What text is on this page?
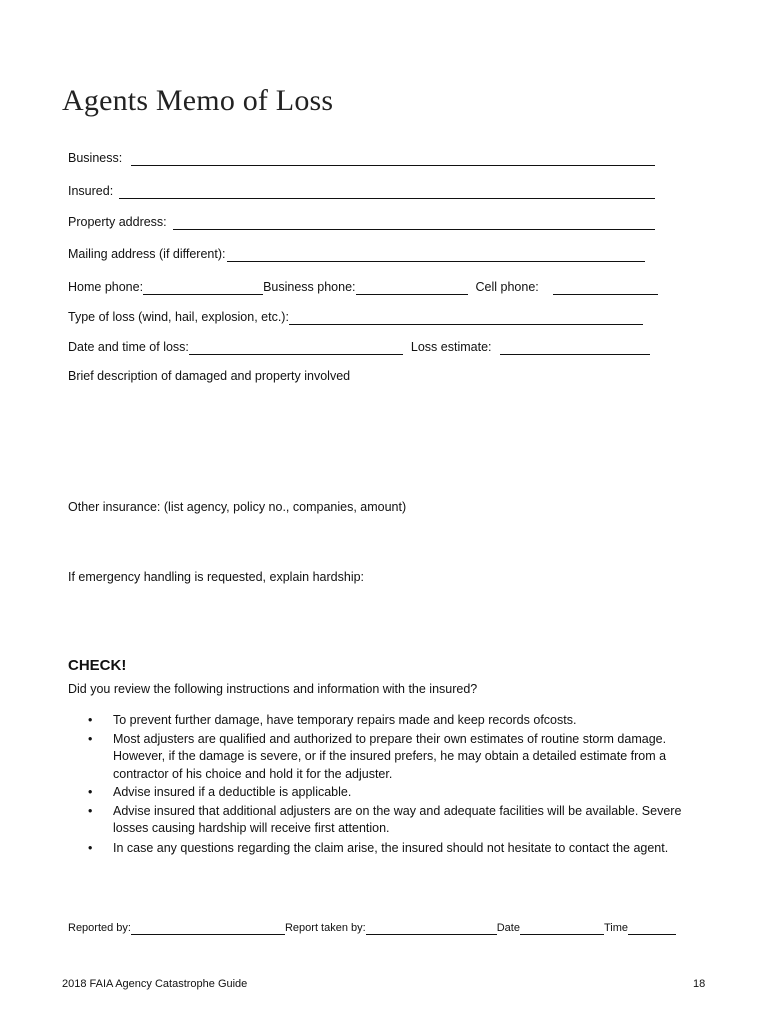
Agents Memo of Loss
Business:
Insured:
Property address:
Mailing address (if different):
Home phone:	Business phone:	Cell phone:
Type of loss (wind, hail, explosion, etc.):
Date and time of loss:	Loss estimate:
Brief description of damaged and property involved
Other insurance: (list agency, policy no., companies, amount)
If emergency handling is requested, explain hardship:
CHECK!
Did you review the following instructions and information with the insured?
• To prevent further damage, have temporary repairs made and keep records ofcosts.
• Most adjusters are qualified and authorized to prepare their own estimates of routine storm damage. However, if the damage is severe, or if the insured prefers, he may obtain a detailed estimate from a contractor of his choice and hold it for the adjuster.
• Advise insured if a deductible is applicable.
• Advise insured that additional adjusters are on the way and adequate facilities will be available. Severe losses causing hardship will receive first attention.
• In case any questions regarding the claim arise, the insured should not hesitate to contact the agent.
Reported by:	Report taken by:	Date	Time
2018 FAIA Agency Catastrophe Guide	18
